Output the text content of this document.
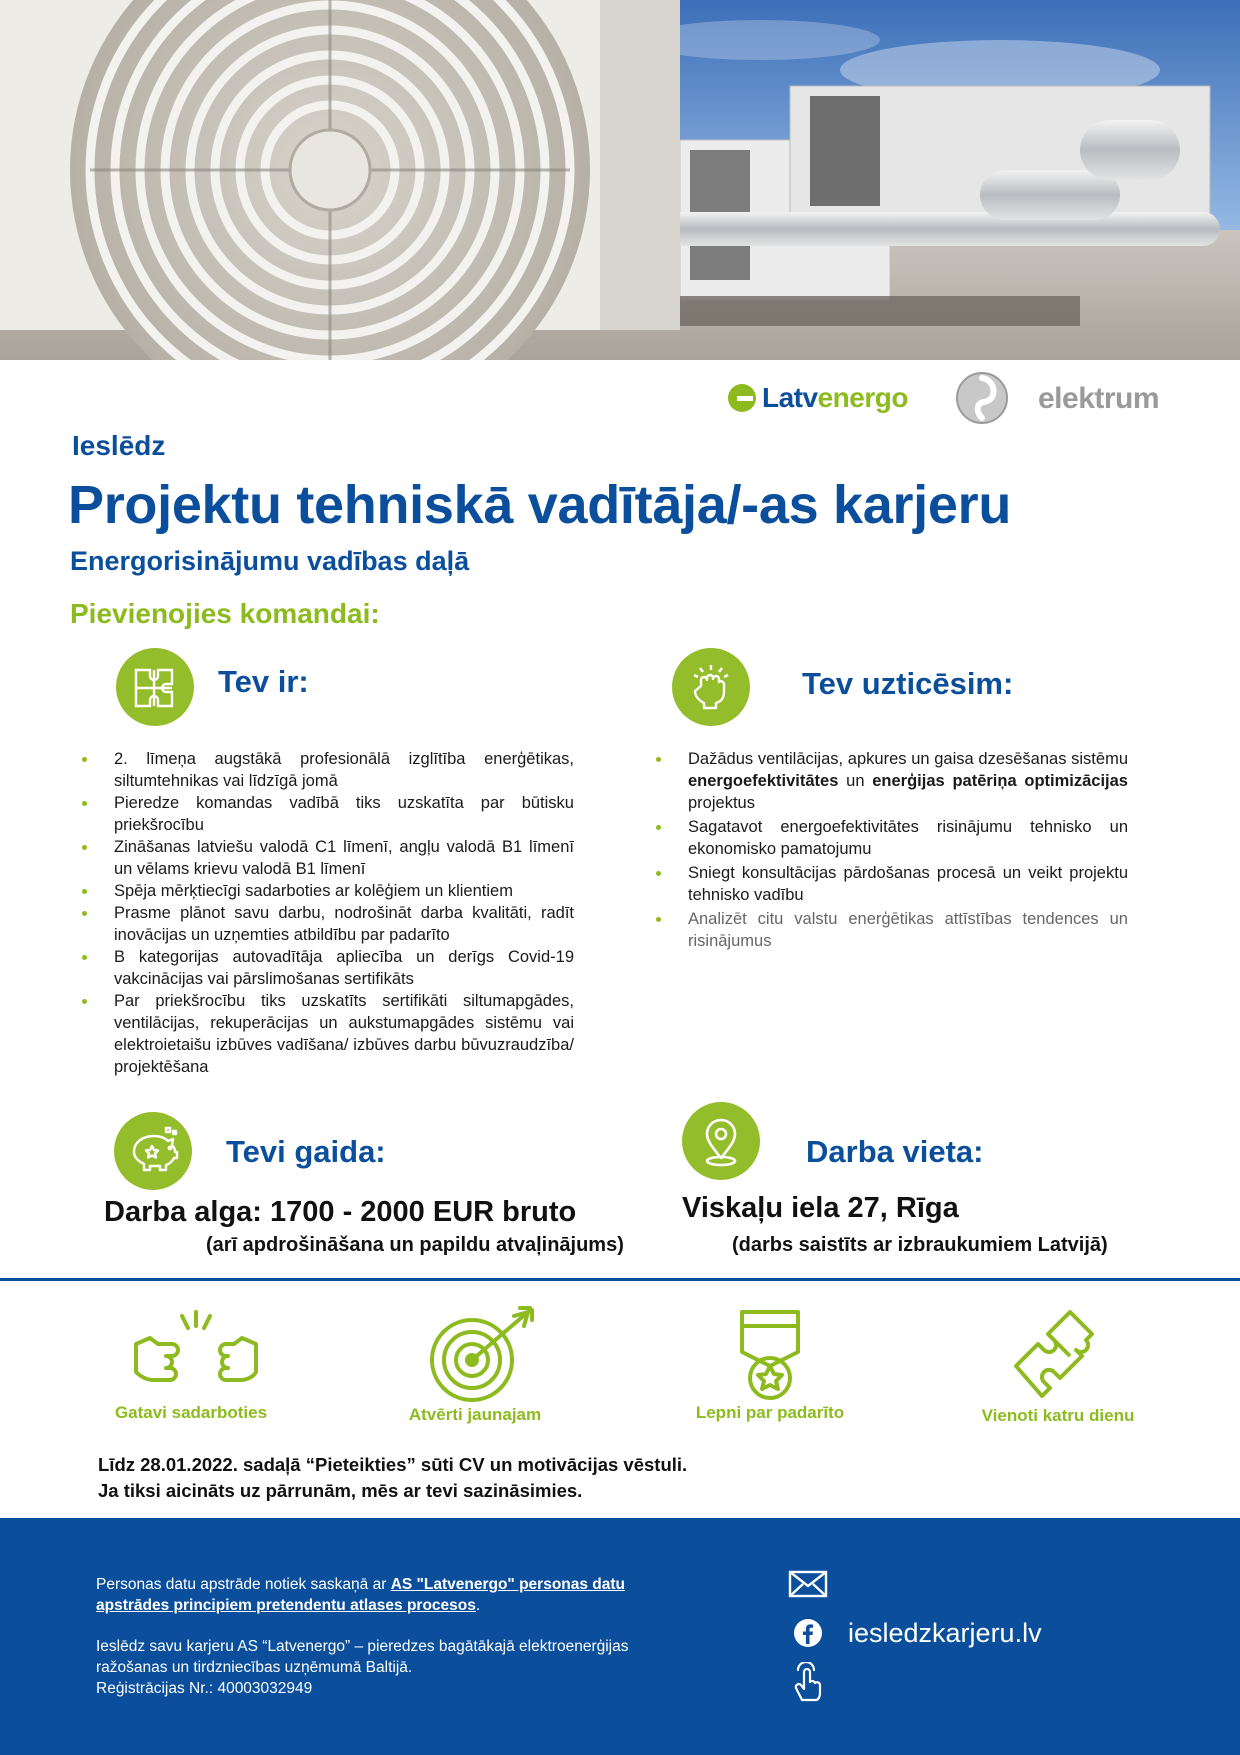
Latvenergo	elektrum
Ieslēdz
Projektu tehniskā vadītāja/-as karjeru
Energorisinājumu vadības daļā
Pievienojies komandai:
Tev ir:
2. līmeņa augstākā profesionālā izglītība enerģētikas, siltumtehnikas vai līdzīgā jomā
Pieredze komandas vadībā tiks uzskatīta par būtisku priekšrocību
Zināšanas latviešu valodā C1 līmenī, angļu valodā B1 līmenī un vēlams krievu valodā B1 līmenī
Spēja mērķtiecīgi sadarboties ar kolēģiem un klientiem
Prasme plānot savu darbu, nodrošināt darba kvalitāti, radīt inovācijas un uzņemties atbildību par padarīto
B kategorijas autovadītāja apliecība un derīgs Covid-19 vakcinācijas vai pārslimošanas sertifikāts
Par priekšrocību tiks uzskatīts sertifikāti siltumapgādes, ventilācijas, rekuperācijas un aukstumapgādes sistēmu vai elektroietaišu izbūves vadīšana/ izbūves darbu būvuzraudzība/ projektēšana
Tev uzticēsim:
Dažādus ventilācijas, apkures un gaisa dzesēšanas sistēmu energoefektivitātes un enerģijas patēriņa optimizācijas projektus
Sagatavot energoefektivitātes risinājumu tehnisko un ekonomisko pamatojumu
Sniegt konsultācijas pārdošanas procesā un veikt projektu tehnisko vadību
Analizēt citu valstu enerģētikas attīstības tendences un risinājumus
Tevi gaida:
Darba alga: 1700 - 2000 EUR bruto
(arī apdrošināšana un papildu atvaļinājums)
Darba vieta:
Viskaļu iela 27, Rīga
(darbs saistīts ar izbraukumiem Latvijā)
Gatavi sadarboties	Atvērti jaunajam	Lepni par padarīto	Vienoti katru dienu
Līdz 28.01.2022. sadaļā “Pieteikties” sūti CV un motivācijas vēstuli.
Ja tiksi aicināts uz pārrunām, mēs ar tevi sazināsimies.
Personas datu apstrāde notiek saskaņā ar AS "Latvenergo" personas datu apstrādes principiem pretendentu atlases procesos.
Ieslēdz savu karjeru AS “Latvenergo” – pieredzes bagātākajā elektroenerģijas ražošanas un tirdzniecības uzņēmumā Baltijā.
Reģistrācijas Nr.: 40003032949
iesledzkarjeru.lv
